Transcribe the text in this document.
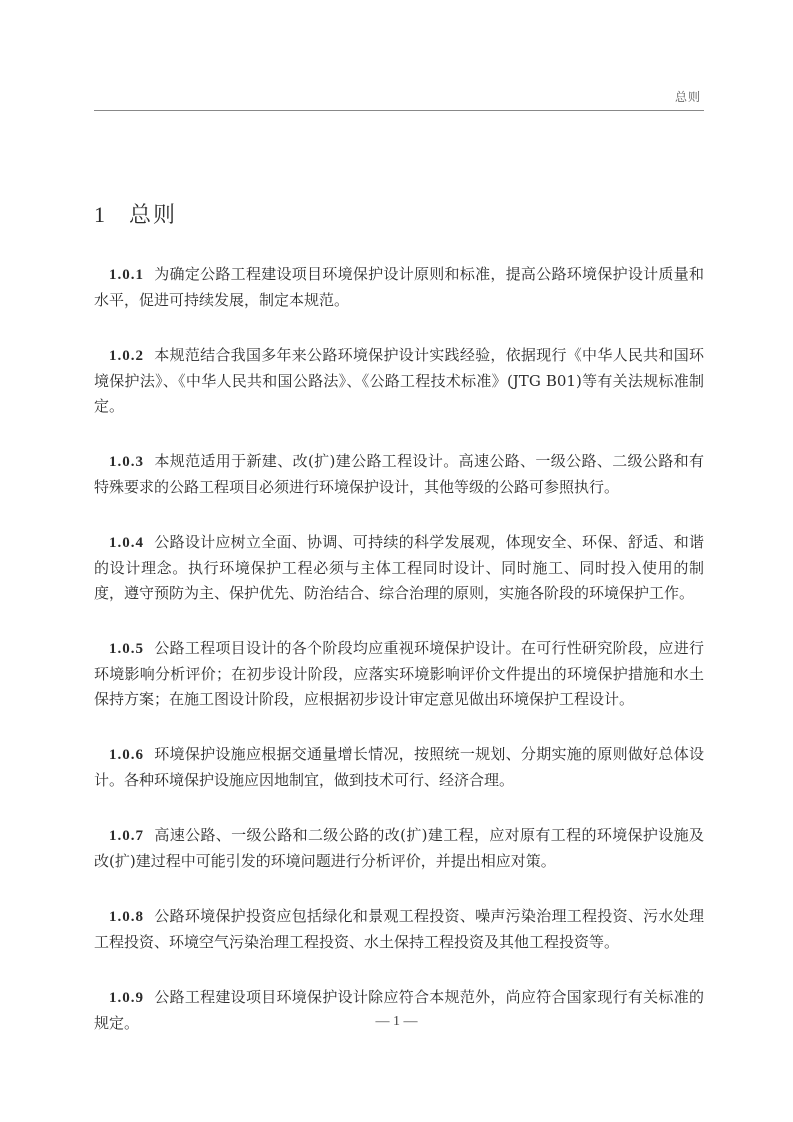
总则
1 总则

1.0.1 为确定公路工程建设项目环境保护设计原则和标准，提高公路环境保护设计质量和水平，促进可持续发展，制定本规范。

1.0.2 本规范结合我国多年来公路环境保护设计实践经验，依据现行《中华人民共和国环境保护法》、《中华人民共和国公路法》、《公路工程技术标准》(JTG B01)等有关法规标准制定。

1.0.3 本规范适用于新建、改(扩)建公路工程设计。高速公路、一级公路、二级公路和有特殊要求的公路工程项目必须进行环境保护设计，其他等级的公路可参照执行。

1.0.4 公路设计应树立全面、协调、可持续的科学发展观，体现安全、环保、舒适、和谐的设计理念。执行环境保护工程必须与主体工程同时设计、同时施工、同时投入使用的制度，遵守预防为主、保护优先、防治结合、综合治理的原则，实施各阶段的环境保护工作。

1.0.5 公路工程项目设计的各个阶段均应重视环境保护设计。在可行性研究阶段，应进行环境影响分析评价；在初步设计阶段，应落实环境影响评价文件提出的环境保护措施和水土保持方案；在施工图设计阶段，应根据初步设计审定意见做出环境保护工程设计。

1.0.6 环境保护设施应根据交通量增长情况，按照统一规划、分期实施的原则做好总体设计。各种环境保护设施应因地制宜，做到技术可行、经济合理。

1.0.7 高速公路、一级公路和二级公路的改(扩)建工程，应对原有工程的环境保护设施及改(扩)建过程中可能引发的环境问题进行分析评价，并提出相应对策。

1.0.8 公路环境保护投资应包括绿化和景观工程投资、噪声污染治理工程投资、污水处理工程投资、环境空气污染治理工程投资、水土保持工程投资及其他工程投资等。

1.0.9 公路工程建设项目环境保护设计除应符合本规范外，尚应符合国家现行有关标准的规定。	— 1 —
